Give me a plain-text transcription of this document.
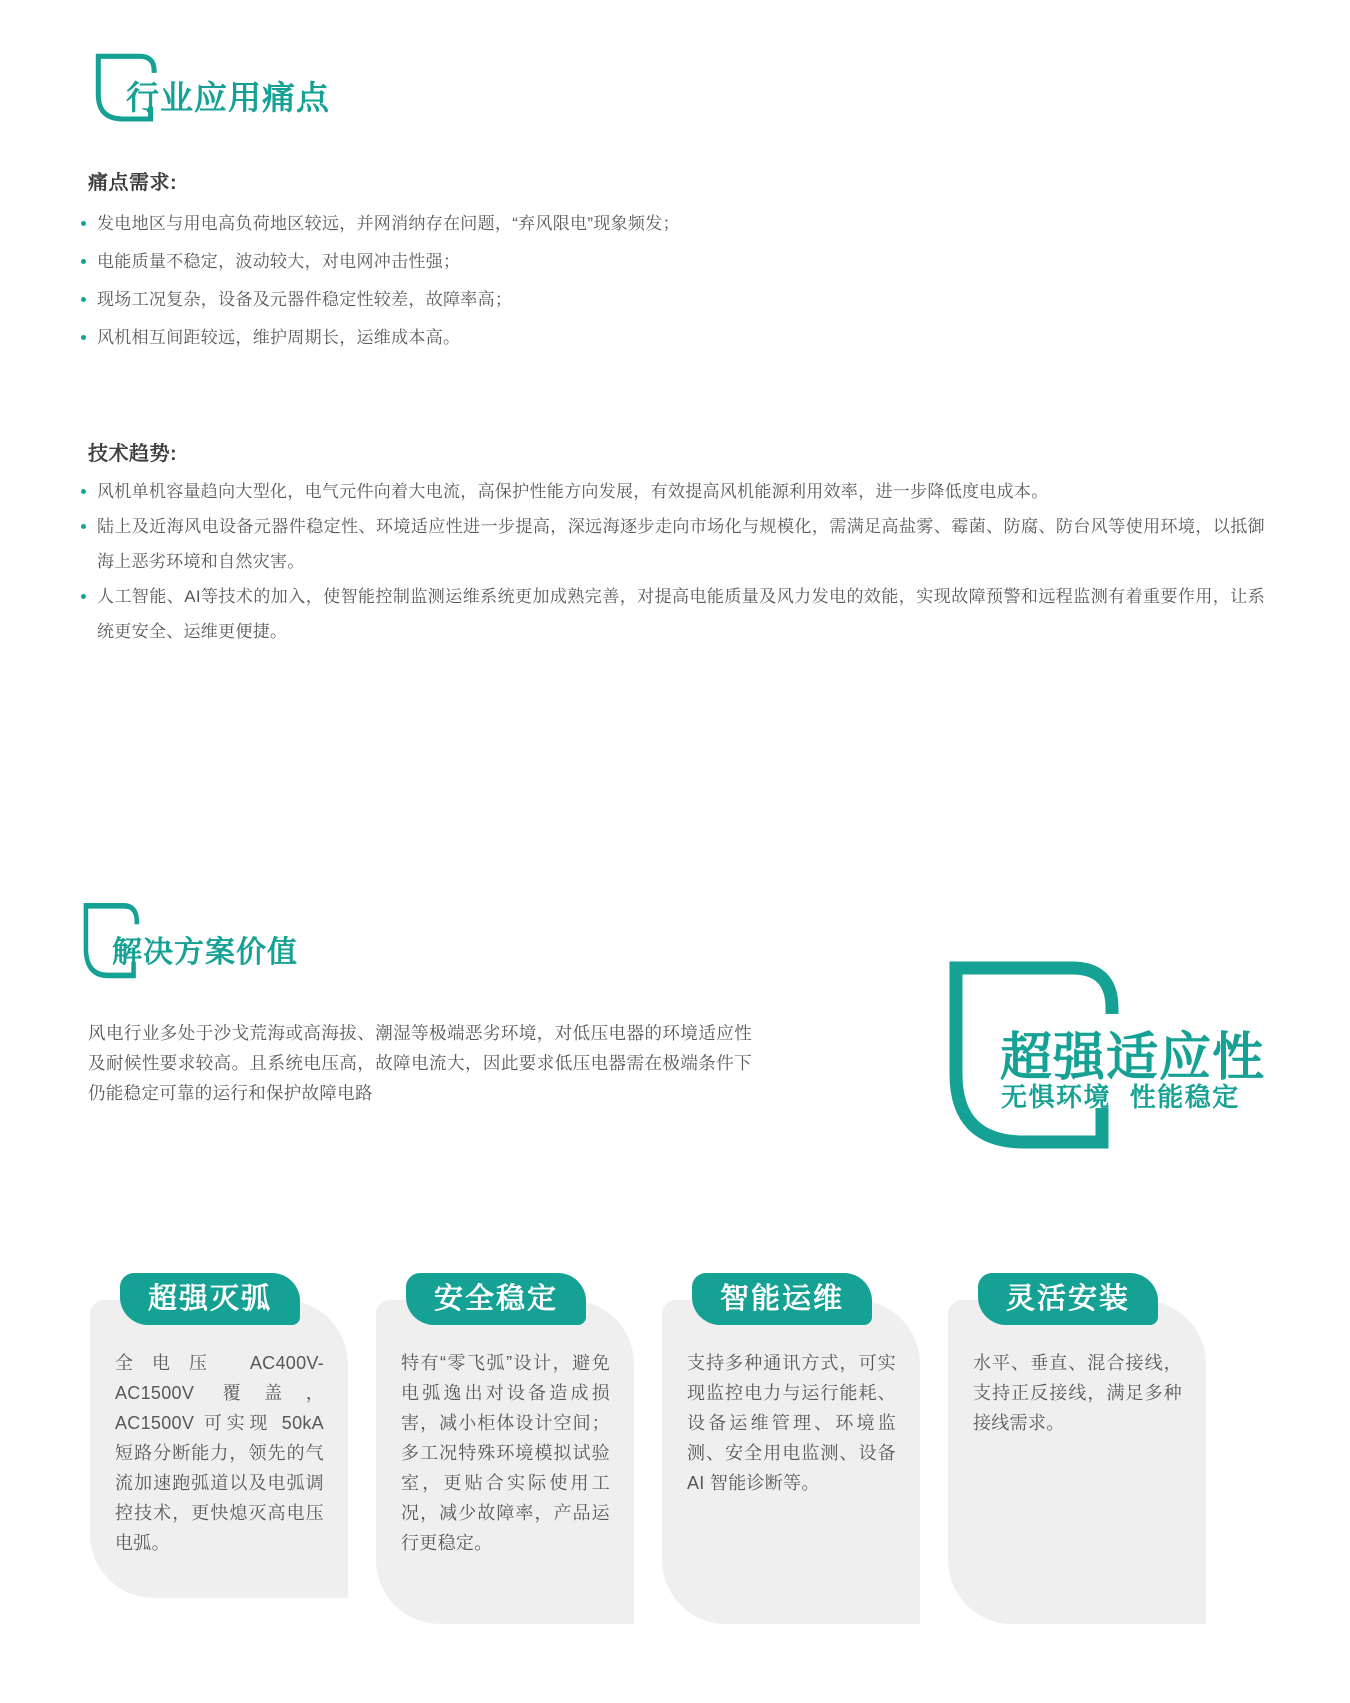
行业应用痛点
痛点需求:
发电地区与用电高负荷地区较远，并网消纳存在问题，“弃风限电”现象频发；
电能质量不稳定，波动较大，对电网冲击性强；
现场工况复杂，设备及元器件稳定性较差，故障率高；
风机相互间距较远，维护周期长，运维成本高。
技术趋势:
风机单机容量趋向大型化，电气元件向着大电流，高保护性能方向发展，有效提高风机能源利用效率，进一步降低度电成本。
陆上及近海风电设备元器件稳定性、环境适应性进一步提高，深远海逐步走向市场化与规模化，需满足高盐雾、霉菌、防腐、防台风等使用环境，以抵御海上恶劣环境和自然灾害。
人工智能、AI等技术的加入，使智能控制监测运维系统更加成熟完善，对提高电能质量及风力发电的效能，实现故障预警和远程监测有着重要作用，让系统更安全、运维更便捷。
解决方案价值

风电行业多处于沙戈荒海或高海拔、潮湿等极端恶劣环境，对低压电器的环境适应性及耐候性要求较高。且系统电压高，故障电流大，因此要求低压电器需在极端条件下仍能稳定可靠的运行和保护故障电路

超强适应性
无惧环境 性能稳定
超强灭弧

全电压 AC400V-AC1500V 覆盖，AC1500V 可实现 50kA 短路分断能力，领先的气流加速跑弧道以及电弧调控技术，更快熄灭高电压电弧。

安全稳定

特有“零飞弧”设计，避免电弧逸出对设备造成损害，减小柜体设计空间；多工况特殊环境模拟试验室，更贴合实际使用工况，减少故障率，产品运行更稳定。

智能运维

支持多种通讯方式，可实现监控电力与运行能耗、设备运维管理、环境监测、安全用电监测、设备 AI 智能诊断等。

灵活安装

水平、垂直、混合接线，支持正反接线，满足多种接线需求。
